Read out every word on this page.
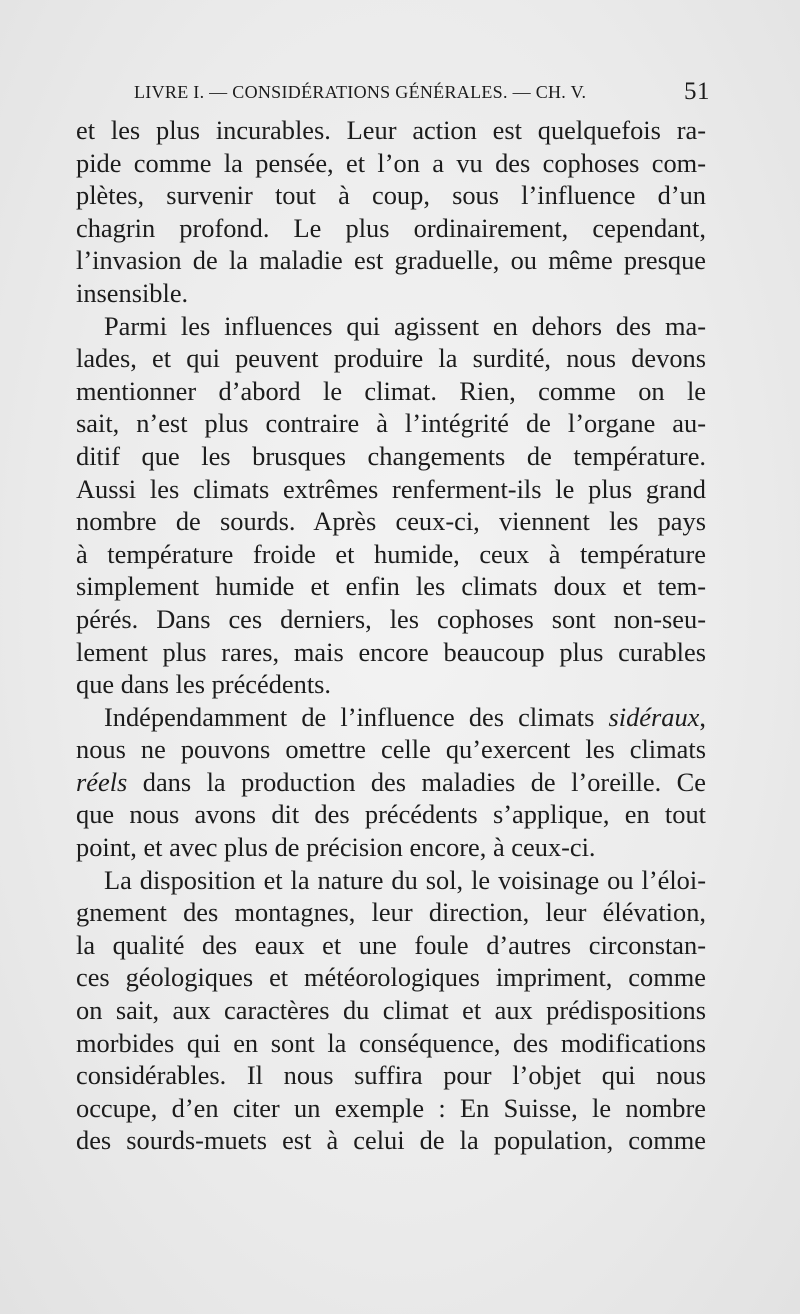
LIVRE I. — CONSIDÉRATIONS GÉNÉRALES. — CH. V.	51
et les plus incurables. Leur action est quelquefois ra-
pide comme la pensée, et l’on a vu des cophoses com-
plètes, survenir tout à coup, sous l’influence d’un
chagrin profond. Le plus ordinairement, cependant,
l’invasion de la maladie est graduelle, ou même presque
insensible.
Parmi les influences qui agissent en dehors des ma-
lades, et qui peuvent produire la surdité, nous devons
mentionner d’abord le climat. Rien, comme on le
sait, n’est plus contraire à l’intégrité de l’organe au-
ditif que les brusques changements de température.
Aussi les climats extrêmes renferment-ils le plus grand
nombre de sourds. Après ceux-ci, viennent les pays
à température froide et humide, ceux à température
simplement humide et enfin les climats doux et tem-
pérés. Dans ces derniers, les cophoses sont non-seu-
lement plus rares, mais encore beaucoup plus curables
que dans les précédents.
Indépendamment de l’influence des climats sidéraux,
nous ne pouvons omettre celle qu’exercent les climats
réels dans la production des maladies de l’oreille. Ce
que nous avons dit des précédents s’applique, en tout
point, et avec plus de précision encore, à ceux-ci.
La disposition et la nature du sol, le voisinage ou l’éloi-
gnement des montagnes, leur direction, leur élévation,
la qualité des eaux et une foule d’autres circonstan-
ces géologiques et météorologiques impriment, comme
on sait, aux caractères du climat et aux prédispositions
morbides qui en sont la conséquence, des modifications
considérables. Il nous suffira pour l’objet qui nous
occupe, d’en citer un exemple : En Suisse, le nombre
des sourds-muets est à celui de la population, comme
